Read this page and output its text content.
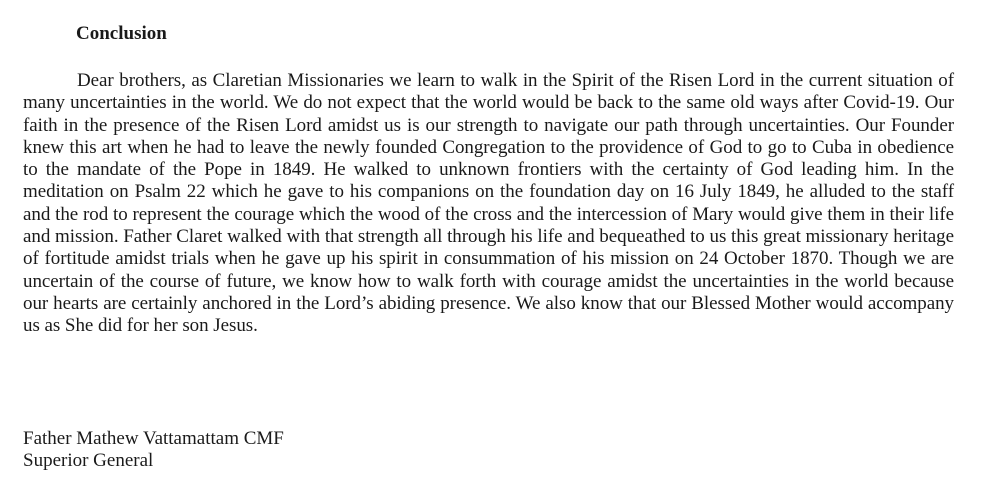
Conclusion

Dear brothers, as Claretian Missionaries we learn to walk in the Spirit of the Risen Lord in the current situation of many uncertainties in the world. We do not expect that the world would be back to the same old ways after Covid-19. Our faith in the presence of the Risen Lord amidst us is our strength to navigate our path through uncertainties. Our Founder knew this art when he had to leave the newly founded Congregation to the providence of God to go to Cuba in obedience to the mandate of the Pope in 1849. He walked to unknown frontiers with the certainty of God leading him. In the meditation on Psalm 22 which he gave to his companions on the foundation day on 16 July 1849, he alluded to the staff and the rod to represent the courage which the wood of the cross and the intercession of Mary would give them in their life and mission. Father Claret walked with that strength all through his life and bequeathed to us this great missionary heritage of fortitude amidst trials when he gave up his spirit in consummation of his mission on 24 October 1870. Though we are uncertain of the course of future, we know how to walk forth with courage amidst the uncertainties in the world because our hearts are certainly anchored in the Lord’s abiding presence. We also know that our Blessed Mother would accompany us as She did for her son Jesus.

Father Mathew Vattamattam CMF
Superior General
